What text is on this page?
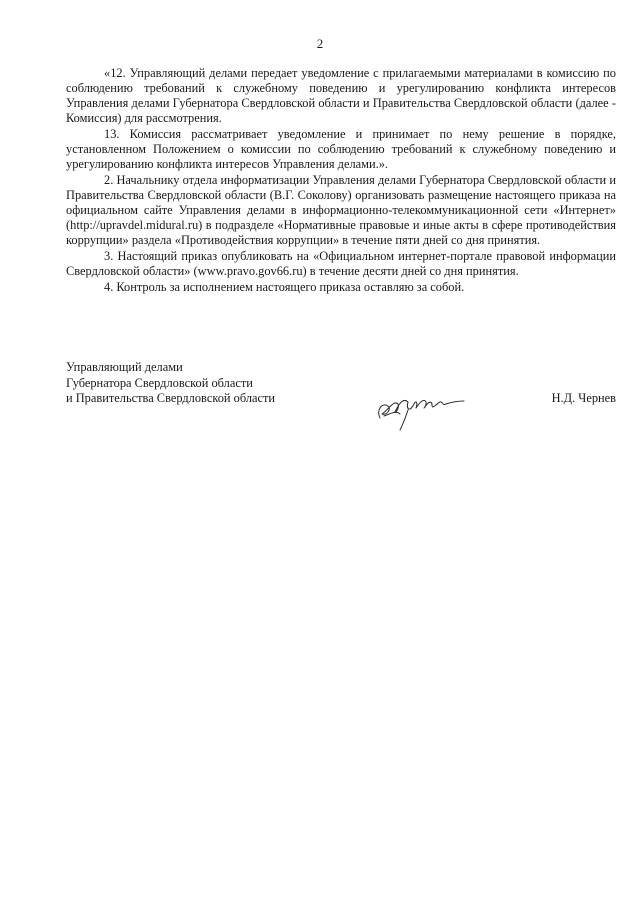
2

«12. Управляющий делами передает уведомление с прилагаемыми материалами в комиссию по соблюдению требований к служебному поведению и урегулированию конфликта интересов Управления делами Губернатора Свердловской области и Правительства Свердловской области (далее - Комиссия) для рассмотрения.

13. Комиссия рассматривает уведомление и принимает по нему решение в порядке, установленном Положением о комиссии по соблюдению требований к служебному поведению и урегулированию конфликта интересов Управления делами.».

2. Начальнику отдела информатизации Управления делами Губернатора Свердловской области и Правительства Свердловской области (В.Г. Соколову) организовать размещение настоящего приказа на официальном сайте Управления делами в информационно-телекоммуникационной сети «Интернет» (http://upravdel.midural.ru) в подразделе «Нормативные правовые и иные акты в сфере противодействия коррупции» раздела «Противодействия коррупции» в течение пяти дней со дня принятия.

3. Настоящий приказ опубликовать на «Официальном интернет-портале правовой информации Свердловской области» (www.pravo.gov66.ru) в течение десяти дней со дня принятия.

4. Контроль за исполнением настоящего приказа оставляю за собой.

Управляющий делами
Губернатора Свердловской области
и Правительства Свердловской области	Н.Д. Чернев
